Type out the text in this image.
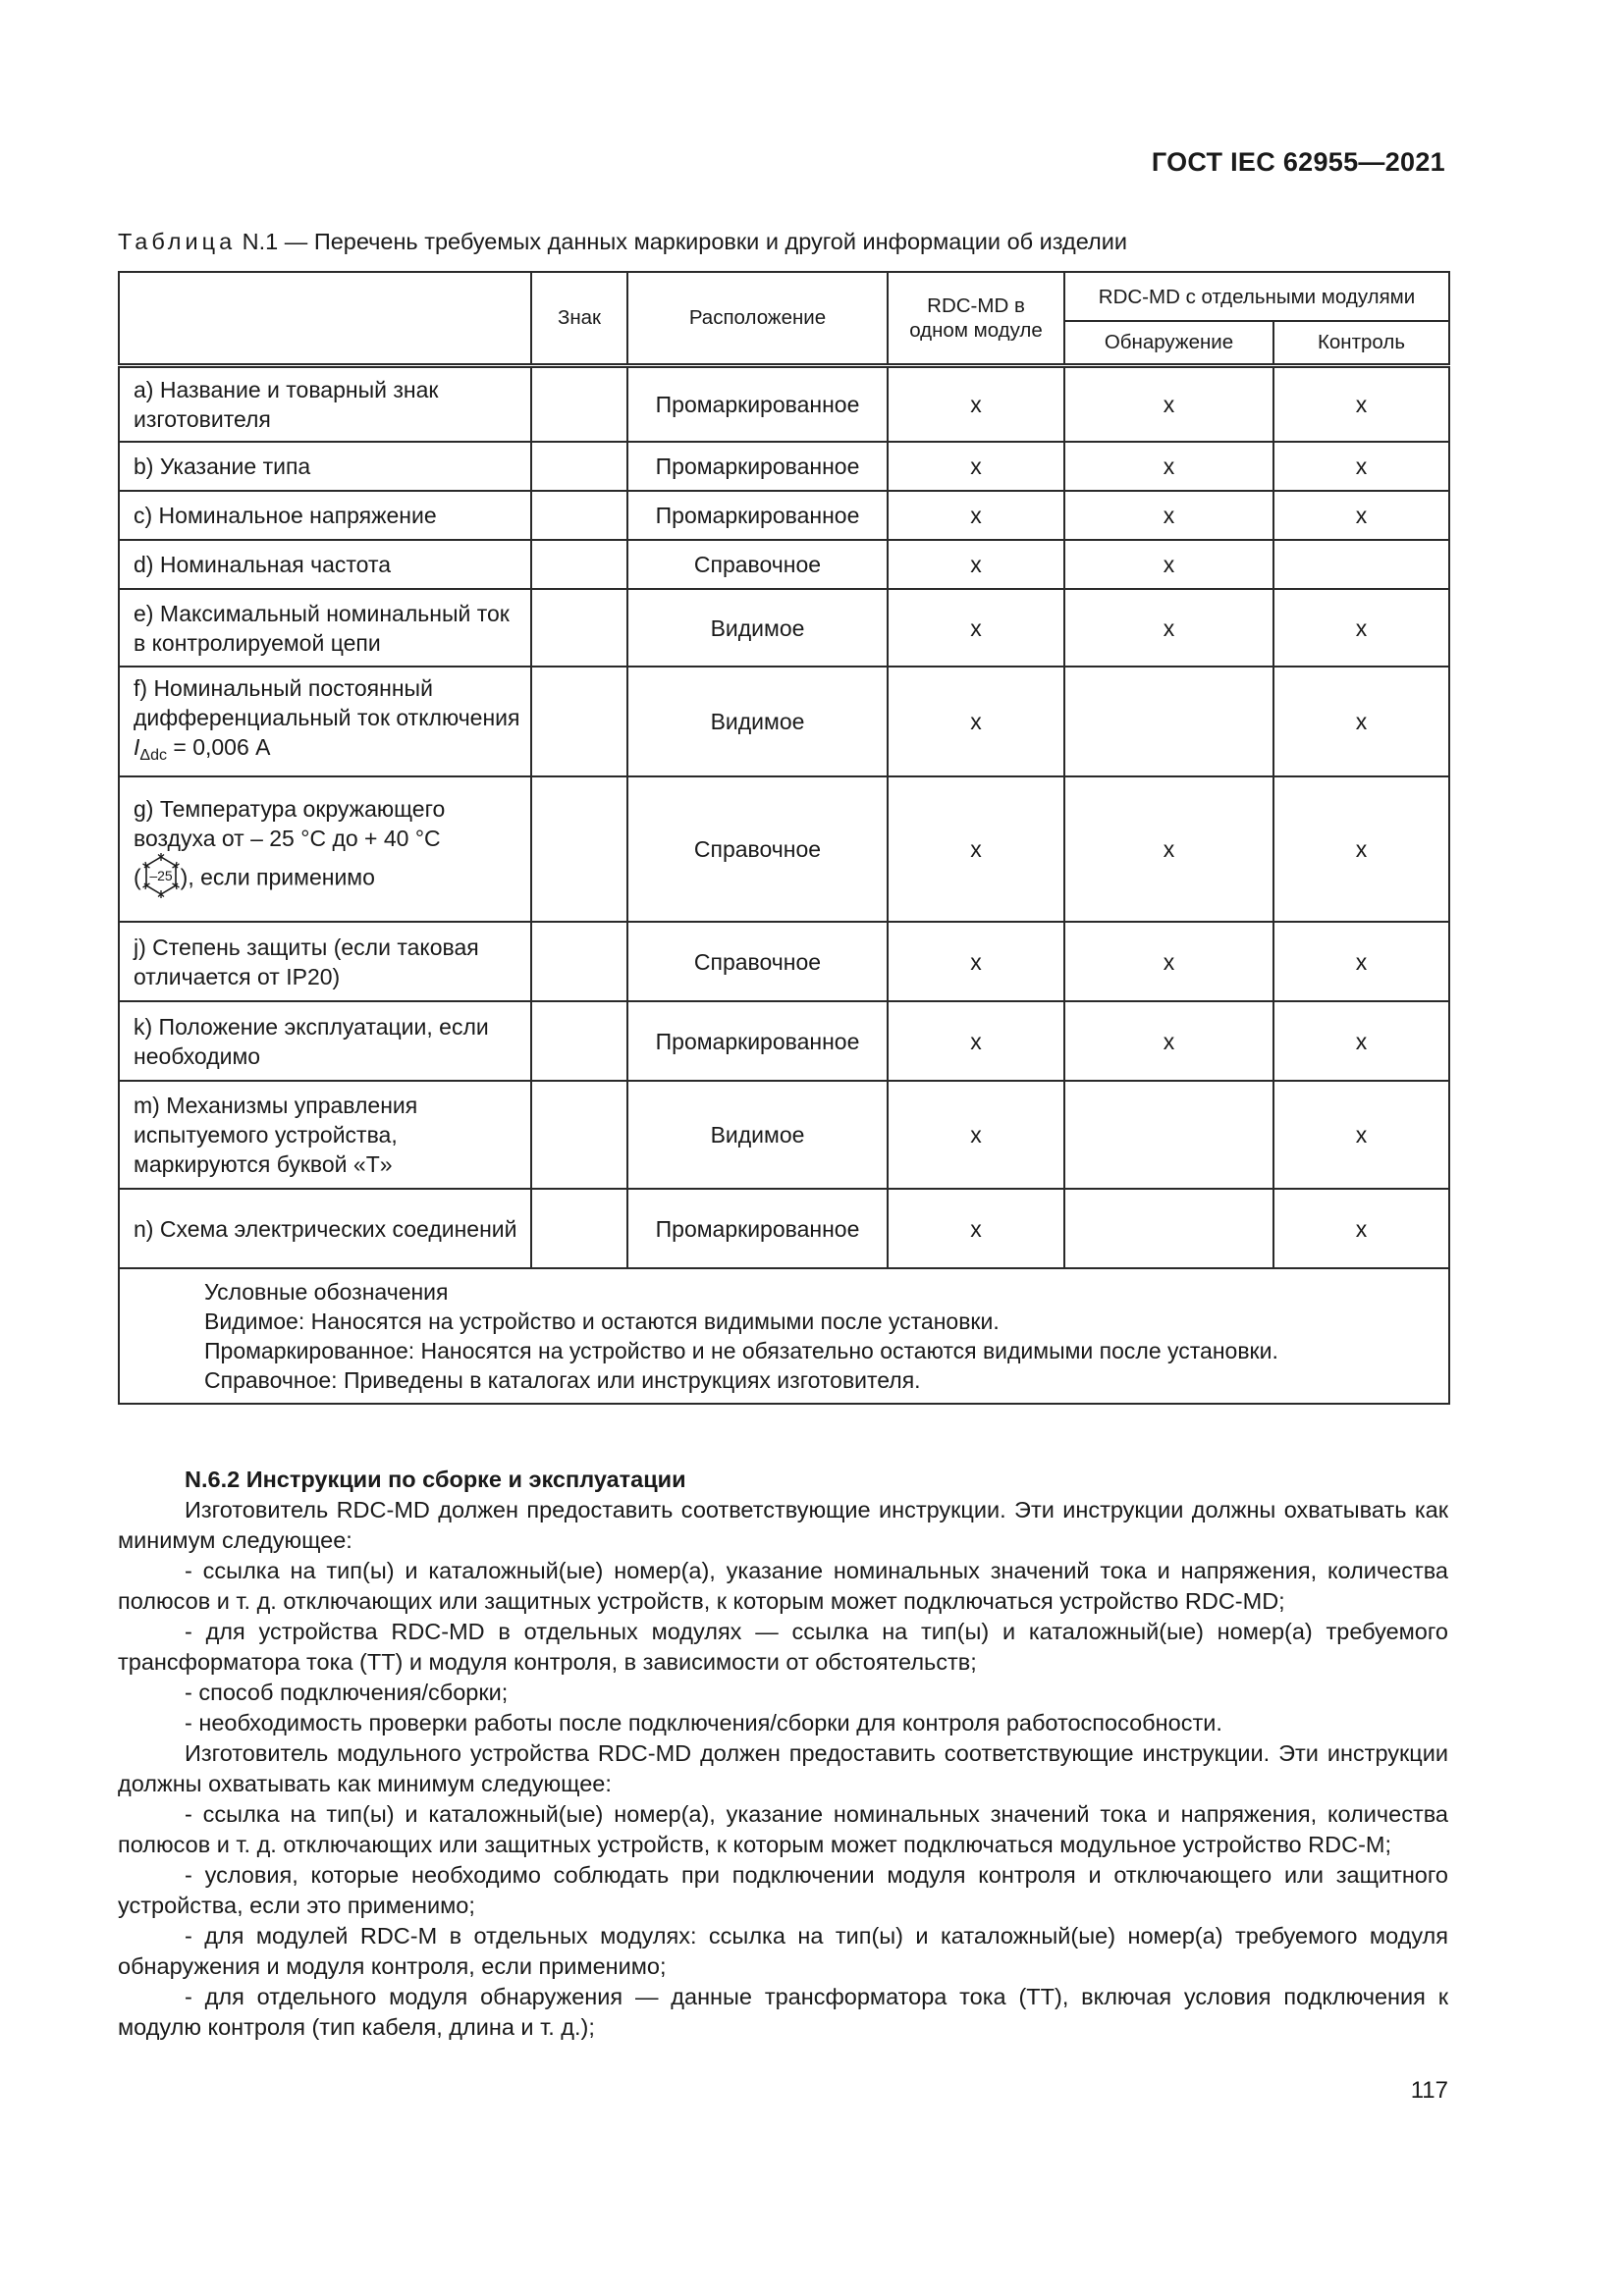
ГОСТ IEC 62955—2021
Таблица N.1 — Перечень требуемых данных маркировки и другой информации об изделии
	Знак	Расположение	RDC-MD в одном модуле	RDC-MD с отдельными модулями	
				Обнаружение	Контроль
a) Название и товарный знак изготовителя		Промаркированное	x	x	x
b) Указание типа		Промаркированное	x	x	x
c) Номинальное напряжение		Промаркированное	x	x	x
d) Номинальная частота		Справочное	x	x	
e) Максимальный номинальный ток в контролируемой цепи		Видимое	x	x	x
f) Номинальный постоянный дифференциальный ток отключения $I_{\Delta dc} = 0,006$ А		Видимое	x		x
g) Температура окружающего воздуха от – 25 °C до + 40 °C
( –25 ), если применимо		Справочное	x	x	x
j) Степень защиты (если таковая отличается от IP20)		Справочное	x	x	x
k) Положение эксплуатации, если необходимо		Промаркированное	x	x	x
m) Механизмы управления испытуемого устройства, маркируются буквой «T»		Видимое	x		x
n) Схема электрических соединений		Промаркированное	x		x

Условные обозначения
Видимое: Наносятся на устройство и остаются видимыми после установки.
Промаркированное: Наносятся на устройство и не обязательно остаются видимыми после установки.
Справочное: Приведены в каталогах или инструкциях изготовителя.					

N.6.2 Инструкции по сборке и эксплуатации

Изготовитель RDC-MD должен предоставить соответствующие инструкции. Эти инструкции должны охватывать как минимум следующее:

- ссылка на тип(ы) и каталожный(ые) номер(а), указание номинальных значений тока и напряжения, количества полюсов и т. д. отключающих или защитных устройств, к которым может подключаться устройство RDC-MD;

- для устройства RDC-MD в отдельных модулях — ссылка на тип(ы) и каталожный(ые) номер(а) требуемого трансформатора тока (ТТ) и модуля контроля, в зависимости от обстоятельств;

- способ подключения/сборки;

- необходимость проверки работы после подключения/сборки для контроля работоспособности.

Изготовитель модульного устройства RDC-MD должен предоставить соответствующие инструкции. Эти инструкции должны охватывать как минимум следующее:

- ссылка на тип(ы) и каталожный(ые) номер(а), указание номинальных значений тока и напряжения, количества полюсов и т. д. отключающих или защитных устройств, к которым может подключаться модульное устройство RDC-M;

- условия, которые необходимо соблюдать при подключении модуля контроля и отключающего или защитного устройства, если это применимо;

- для модулей RDC-M в отдельных модулях: ссылка на тип(ы) и каталожный(ые) номер(а) требуемого модуля обнаружения и модуля контроля, если применимо;

- для отдельного модуля обнаружения — данные трансформатора тока (ТТ), включая условия подключения к модулю контроля (тип кабеля, длина и т. д.);

117
